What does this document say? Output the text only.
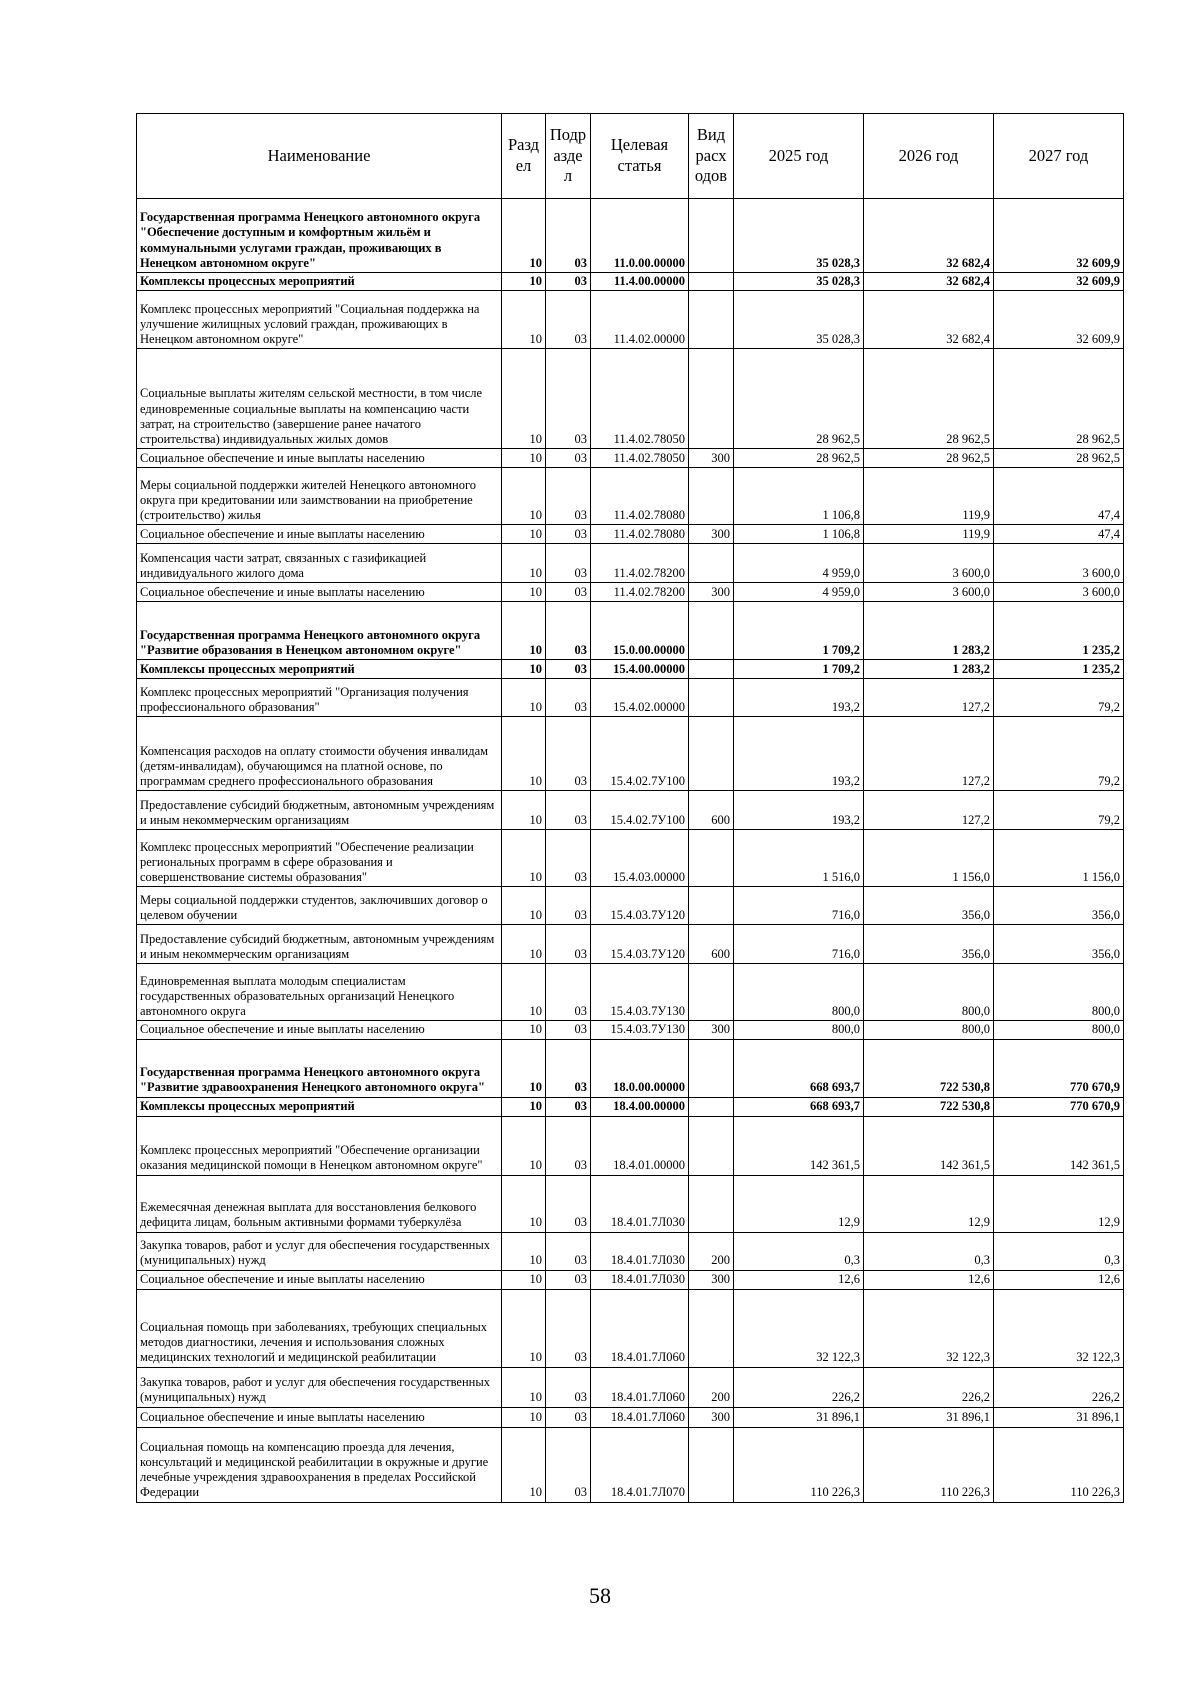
Наименование	Разд ел	Подр азде л	Целевая статья	Вид расх одов	2025 год	2026 год	2027 год
Государственная программа Ненецкого автономного округа "Обеспечение доступным и комфортным жильём и коммунальными услугами граждан, проживающих в Ненецком автономном округе"	10	03	11.0.00.00000		35 028,3	32 682,4	32 609,9
Комплексы процессных мероприятий	10	03	11.4.00.00000		35 028,3	32 682,4	32 609,9
Комплекс процессных мероприятий "Социальная поддержка на улучшение жилищных условий граждан, проживающих в Ненецком автономном округе"	10	03	11.4.02.00000		35 028,3	32 682,4	32 609,9
Социальные выплаты жителям сельской местности, в том числе единовременные социальные выплаты на компенсацию части затрат, на строительство (завершение ранее начатого строительства) индивидуальных жилых домов	10	03	11.4.02.78050		28 962,5	28 962,5	28 962,5
Социальное обеспечение и иные выплаты населению	10	03	11.4.02.78050	300	28 962,5	28 962,5	28 962,5
Меры социальной поддержки жителей Ненецкого автономного округа при кредитовании или заимствовании на приобретение (строительство) жилья	10	03	11.4.02.78080		1 106,8	119,9	47,4
Социальное обеспечение и иные выплаты населению	10	03	11.4.02.78080	300	1 106,8	119,9	47,4
Компенсация части затрат, связанных с газификацией индивидуального жилого дома	10	03	11.4.02.78200		4 959,0	3 600,0	3 600,0
Социальное обеспечение и иные выплаты населению	10	03	11.4.02.78200	300	4 959,0	3 600,0	3 600,0
Государственная программа Ненецкого автономного округа "Развитие образования в Ненецком автономном округе"	10	03	15.0.00.00000		1 709,2	1 283,2	1 235,2
Комплексы процессных мероприятий	10	03	15.4.00.00000		1 709,2	1 283,2	1 235,2
Комплекс процессных мероприятий "Организация получения профессионального образования"	10	03	15.4.02.00000		193,2	127,2	79,2
Компенсация расходов на оплату стоимости обучения инвалидам (детям-инвалидам), обучающимся на платной основе, по программам среднего профессионального образования	10	03	15.4.02.7У100		193,2	127,2	79,2
Предоставление субсидий бюджетным, автономным учреждениям и иным некоммерческим организациям	10	03	15.4.02.7У100	600	193,2	127,2	79,2
Комплекс процессных мероприятий "Обеспечение реализации региональных программ в сфере образования и совершенствование системы образования"	10	03	15.4.03.00000		1 516,0	1 156,0	1 156,0
Меры социальной поддержки студентов, заключивших договор о целевом обучении	10	03	15.4.03.7У120		716,0	356,0	356,0
Предоставление субсидий бюджетным, автономным учреждениям и иным некоммерческим организациям	10	03	15.4.03.7У120	600	716,0	356,0	356,0
Единовременная выплата молодым специалистам государственных образовательных организаций Ненецкого автономного округа	10	03	15.4.03.7У130		800,0	800,0	800,0
Социальное обеспечение и иные выплаты населению	10	03	15.4.03.7У130	300	800,0	800,0	800,0
Государственная программа Ненецкого автономного округа "Развитие здравоохранения Ненецкого автономного округа"	10	03	18.0.00.00000		668 693,7	722 530,8	770 670,9
Комплексы процессных мероприятий	10	03	18.4.00.00000		668 693,7	722 530,8	770 670,9
Комплекс процессных мероприятий "Обеспечение организации оказания медицинской помощи в Ненецком автономном округе"	10	03	18.4.01.00000		142 361,5	142 361,5	142 361,5
Ежемесячная денежная выплата для восстановления белкового дефицита лицам, больным активными формами туберкулёза	10	03	18.4.01.7Л030		12,9	12,9	12,9
Закупка товаров, работ и услуг для обеспечения государственных (муниципальных) нужд	10	03	18.4.01.7Л030	200	0,3	0,3	0,3
Социальное обеспечение и иные выплаты населению	10	03	18.4.01.7Л030	300	12,6	12,6	12,6
Социальная помощь при заболеваниях, требующих специальных методов диагностики, лечения и использования сложных медицинских технологий и медицинской реабилитации	10	03	18.4.01.7Л060		32 122,3	32 122,3	32 122,3
Закупка товаров, работ и услуг для обеспечения государственных (муниципальных) нужд	10	03	18.4.01.7Л060	200	226,2	226,2	226,2
Социальное обеспечение и иные выплаты населению	10	03	18.4.01.7Л060	300	31 896,1	31 896,1	31 896,1
Социальная помощь на компенсацию проезда для лечения, консультаций и медицинской реабилитации в окружные и другие лечебные учреждения здравоохранения в пределах Российской Федерации	10	03	18.4.01.7Л070		110 226,3	110 226,3	110 226,3
58
